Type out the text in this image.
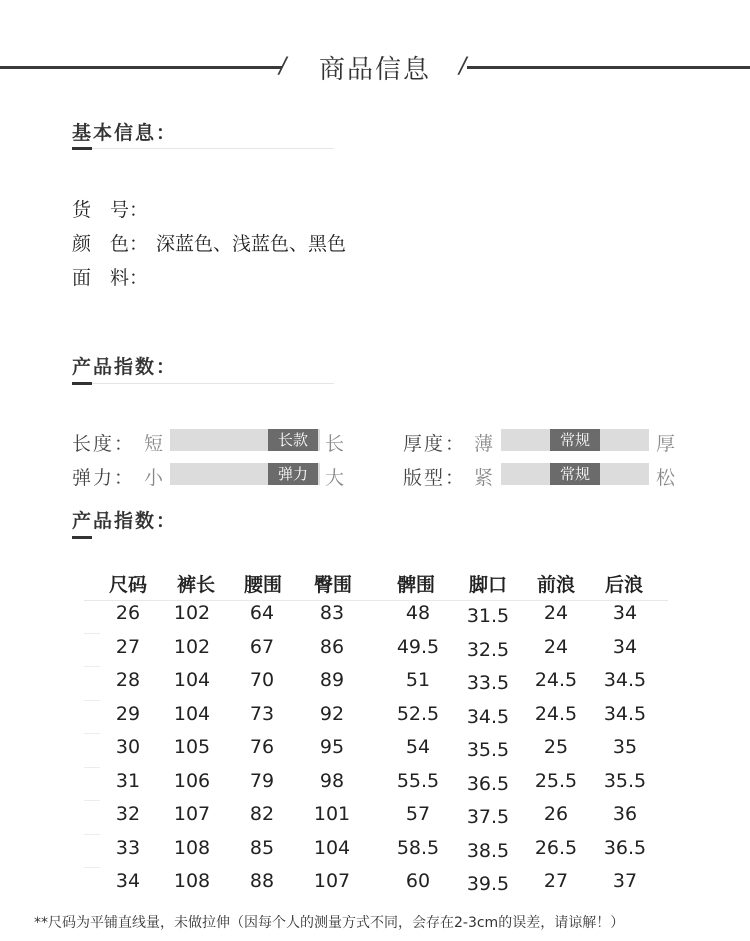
/	商品信息	/
基本信息：
货　号：
颜　色： 深蓝色、浅蓝色、黑色
面　料：
产品指数：
长度： 短	长款 长	厚度： 薄	常规	厚
弹力： 小	弹力 大	版型： 紧	常规	松
产品指数：
尺码	裤长	腰围	臀围	髀围	脚口	前浪	后浪
26	102	64	83	48	31.5	24	34
27	102	67	86	49.5	32.5	24	34
28	104	70	89	51	33.5	24.5	34.5
29	104	73	92	52.5	34.5	24.5	34.5
30	105	76	95	54	35.5	25	35
31	106	79	98	55.5	36.5	25.5	35.5
32	107	82	101	57	37.5	26	36
33	108	85	104	58.5	38.5	26.5	36.5
34	108	88	107	60	39.5	27	37
**尺码为平铺直线量，未做拉伸（因每个人的测量方式不同，会存在2-3cm的误差，请谅解！）
